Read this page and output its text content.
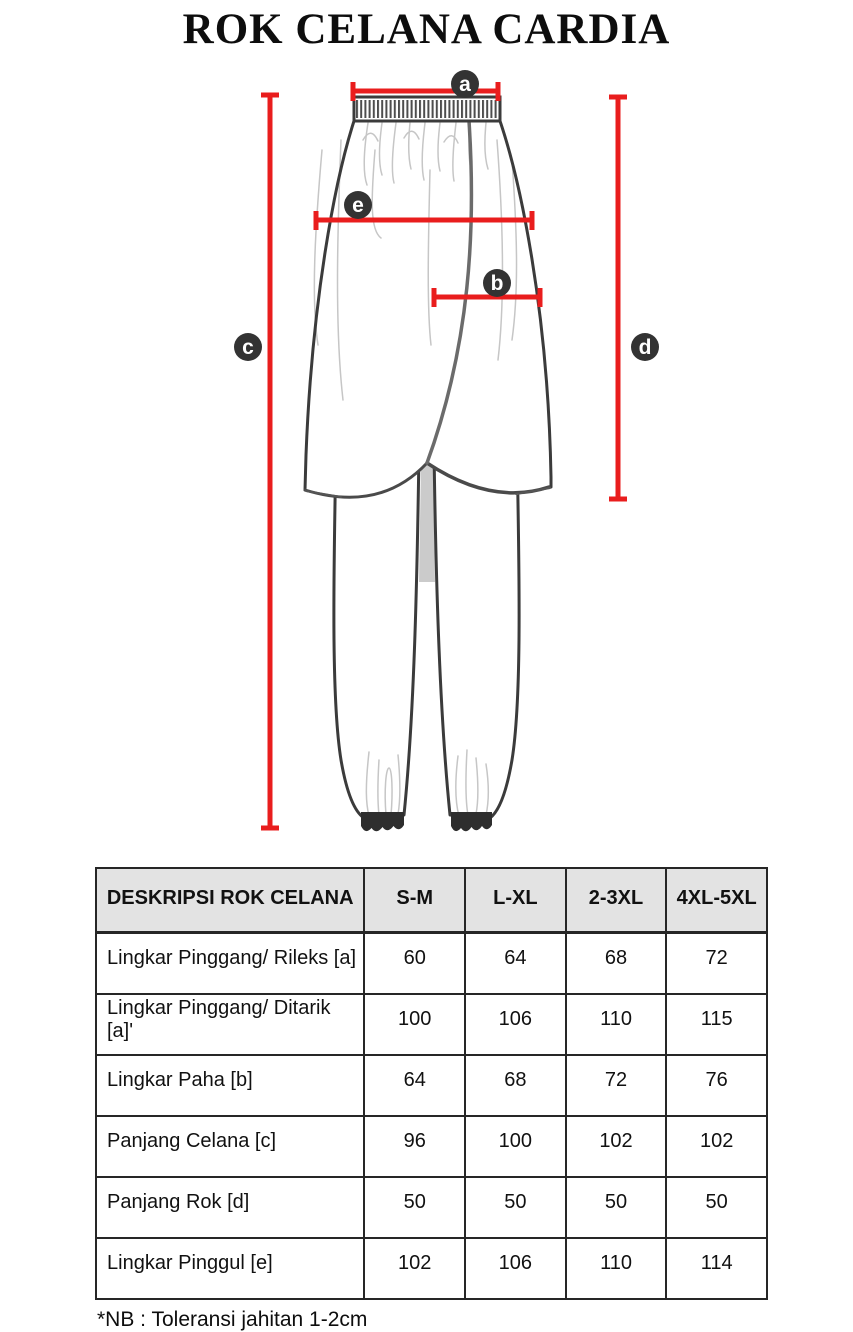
ROK CELANA CARDIA
a
e
b
c	d
DESKRIPSI ROK CELANA	S-M	L-XL	2-3XL	4XL-5XL
Lingkar Pinggang/ Rileks [a]	60	64	68	72
Lingkar Pinggang/ Ditarik [a]'	100	106	110	115
Lingkar Paha [b]	64	68	72	76
Panjang Celana [c]	96	100	102	102
Panjang Rok [d]	50	50	50	50
Lingkar Pinggul [e]	102	106	110	114
*NB : Toleransi jahitan 1-2cm
